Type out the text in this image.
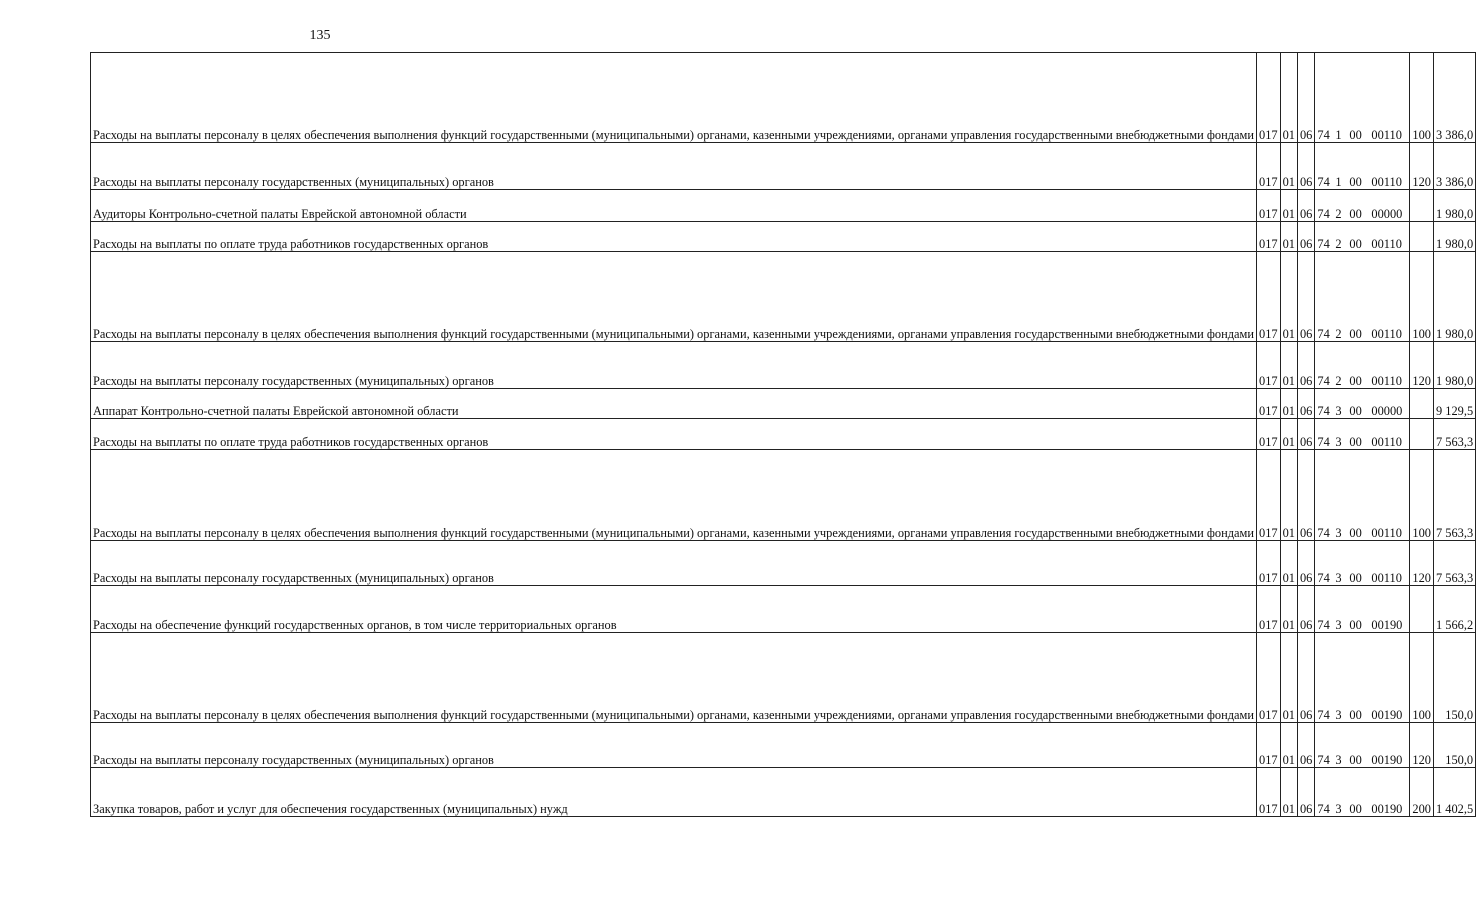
135
Расходы на выплаты персоналу в целях обеспечения выполнения функций государственными (муниципальными) органами, казенными учреждениями, органами управления государственными внебюджетными фондами	017	01	06	74 1 00 00110	100	3 386,0
Расходы на выплаты персоналу государственных (муниципальных) органов	017	01	06	74 1 00 00110	120	3 386,0
Аудиторы Контрольно-счетной палаты Еврейской автономной области	017	01	06	74 2 00 00000		1 980,0
Расходы на выплаты по оплате труда работников государственных органов	017	01	06	74 2 00 00110		1 980,0
Расходы на выплаты персоналу в целях обеспечения выполнения функций государственными (муниципальными) органами, казенными учреждениями, органами управления государственными внебюджетными фондами	017	01	06	74 2 00 00110	100	1 980,0
Расходы на выплаты персоналу государственных (муниципальных) органов	017	01	06	74 2 00 00110	120	1 980,0
Аппарат Контрольно-счетной палаты Еврейской автономной области	017	01	06	74 3 00 00000		9 129,5
Расходы на выплаты по оплате труда работников государственных органов	017	01	06	74 3 00 00110		7 563,3
Расходы на выплаты персоналу в целях обеспечения выполнения функций государственными (муниципальными) органами, казенными учреждениями, органами управления государственными внебюджетными фондами	017	01	06	74 3 00 00110	100	7 563,3
Расходы на выплаты персоналу государственных (муниципальных) органов	017	01	06	74 3 00 00110	120	7 563,3
Расходы на обеспечение функций государственных органов, в том числе территориальных органов	017	01	06	74 3 00 00190		1 566,2
Расходы на выплаты персоналу в целях обеспечения выполнения функций государственными (муниципальными) органами, казенными учреждениями, органами управления государственными внебюджетными фондами	017	01	06	74 3 00 00190	100	150,0
Расходы на выплаты персоналу государственных (муниципальных) органов	017	01	06	74 3 00 00190	120	150,0
Закупка товаров, работ и услуг для обеспечения государственных (муниципальных) нужд	017	01	06	74 3 00 00190	200	1 402,5
